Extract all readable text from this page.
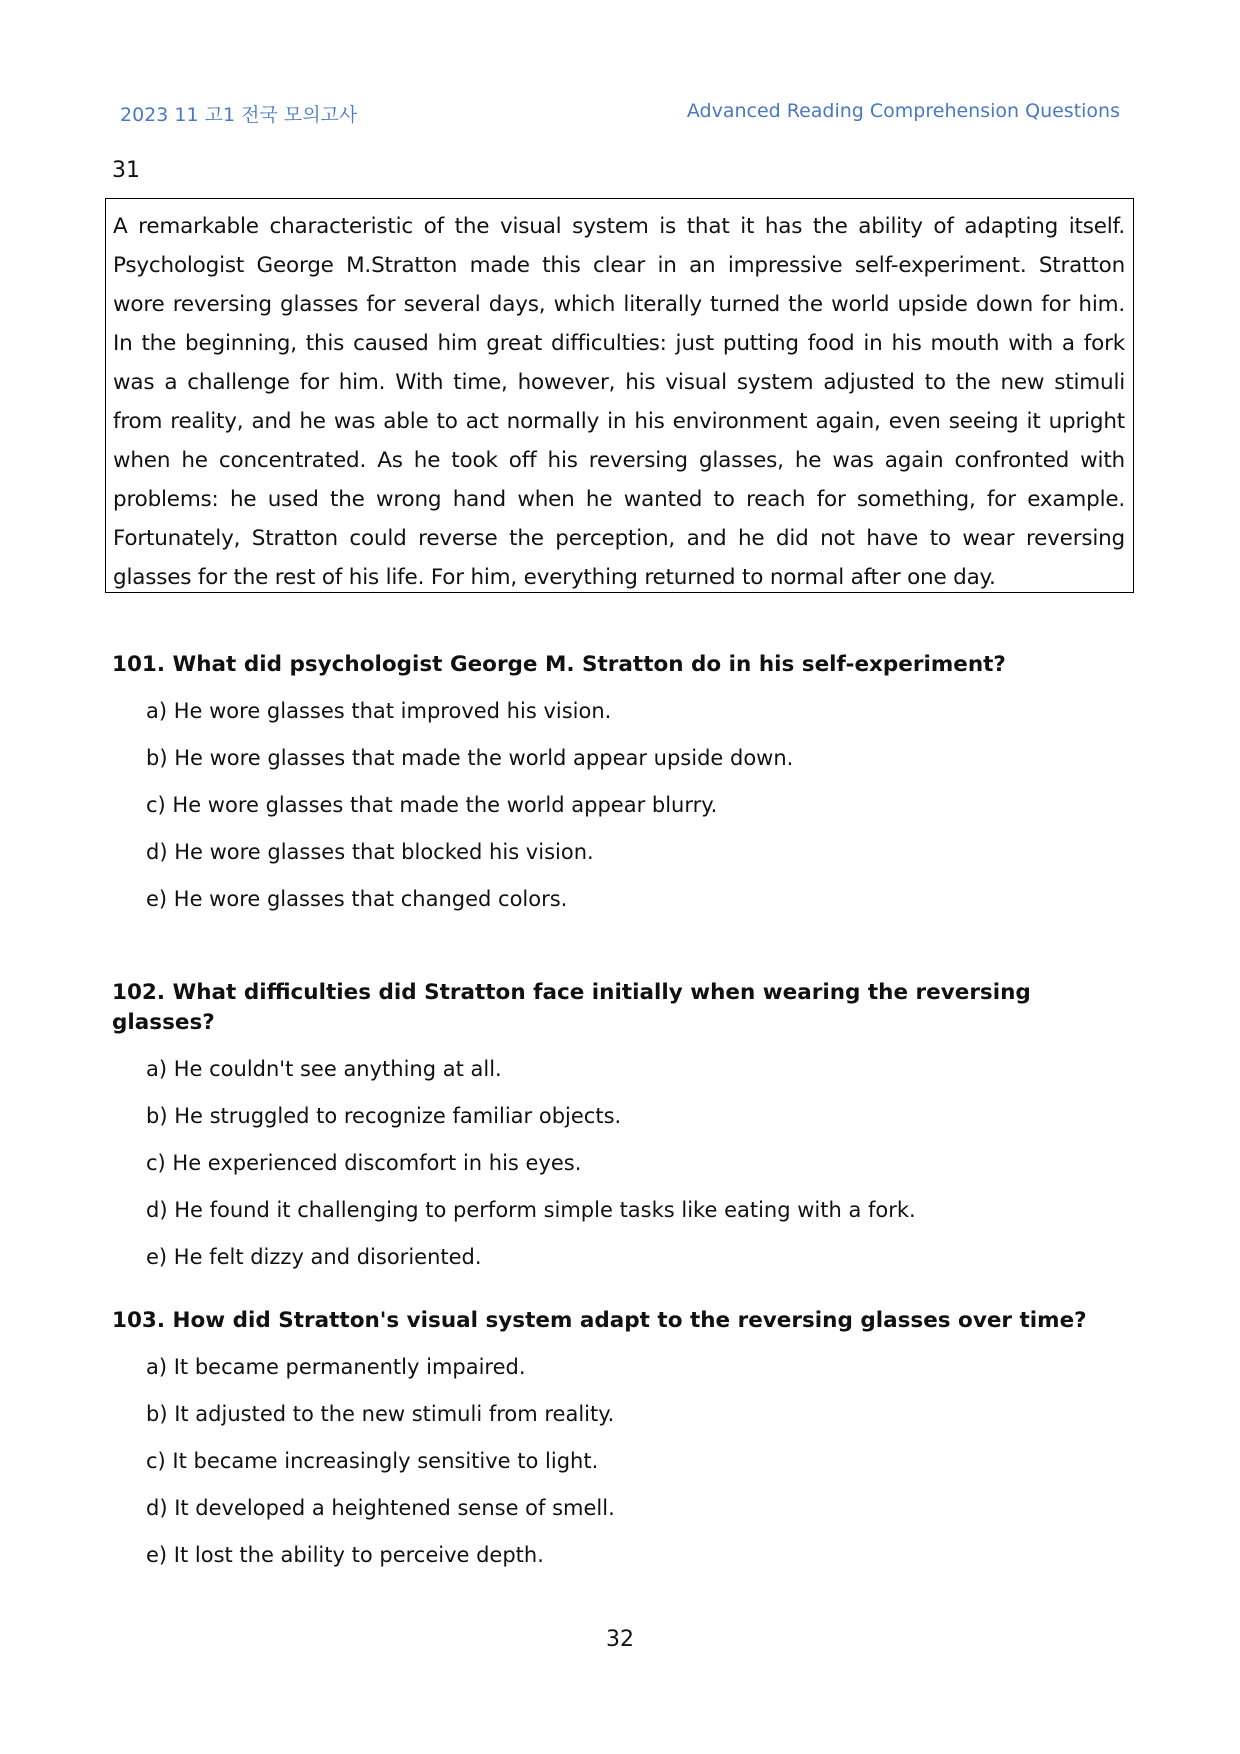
2023 11 고1 전국 모의고사	Advanced Reading Comprehension Questions
31
A remarkable characteristic of the visual system is that it has the ability of adapting itself. Psychologist George M.Stratton made this clear in an impressive self-experiment. Stratton wore reversing glasses for several days, which literally turned the world upside down for him. In the beginning, this caused him great difficulties: just putting food in his mouth with a fork was a challenge for him. With time, however, his visual system adjusted to the new stimuli from reality, and he was able to act normally in his environment again, even seeing it upright when he concentrated. As he took off his reversing glasses, he was again confronted with problems: he used the wrong hand when he wanted to reach for something, for example. Fortunately, Stratton could reverse the perception, and he did not have to wear reversing glasses for the rest of his life. For him, everything returned to normal after one day.

101. What did psychologist George M. Stratton do in his self-experiment?

a) He wore glasses that improved his vision.
b) He wore glasses that made the world appear upside down.
c) He wore glasses that made the world appear blurry.
d) He wore glasses that blocked his vision.
e) He wore glasses that changed colors.

102. What difficulties did Stratton face initially when wearing the reversing glasses?

a) He couldn't see anything at all.
b) He struggled to recognize familiar objects.
c) He experienced discomfort in his eyes.
d) He found it challenging to perform simple tasks like eating with a fork.
e) He felt dizzy and disoriented.

103. How did Stratton's visual system adapt to the reversing glasses over time?

a) It became permanently impaired.
b) It adjusted to the new stimuli from reality.
c) It became increasingly sensitive to light.
d) It developed a heightened sense of smell.
e) It lost the ability to perceive depth.
32
